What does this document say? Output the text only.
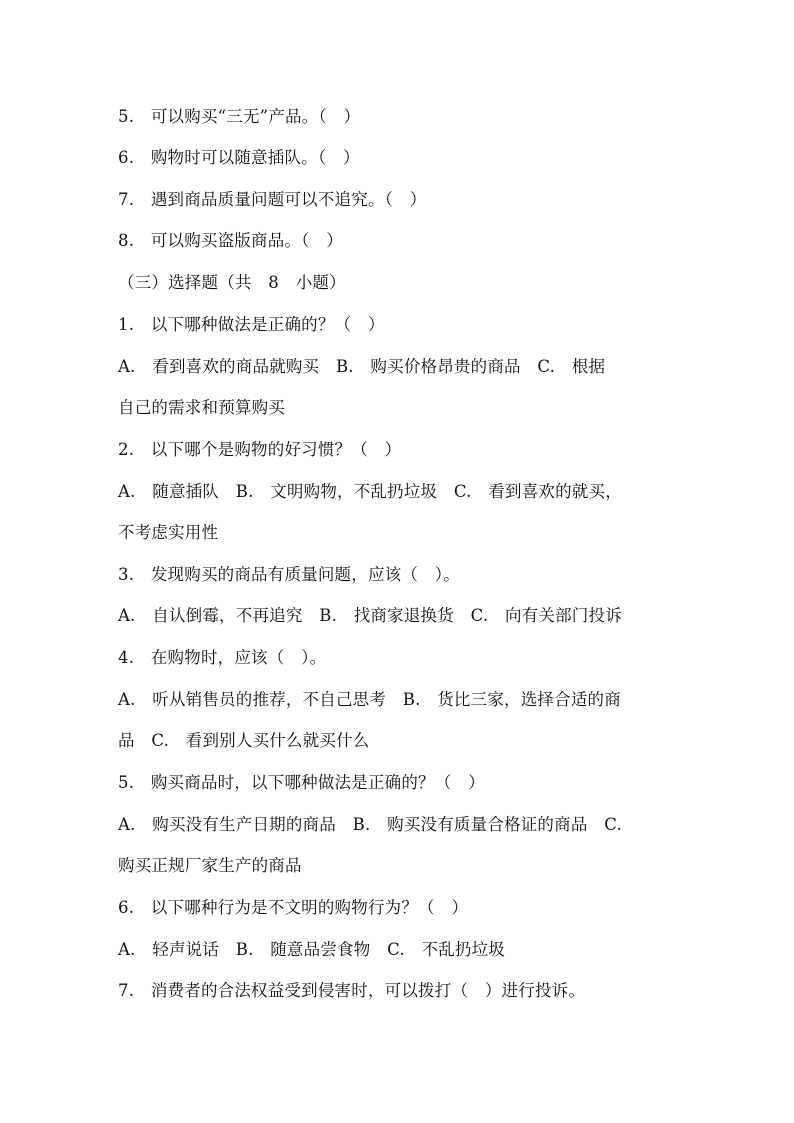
5.　可以购买“三无”产品。（　）
6.　购物时可以随意插队。（　）
7.　遇到商品质量问题可以不追究。（　）
8.　可以购买盗版商品。（　）
（三）选择题（共　8　小题）
1.　以下哪种做法是正确的？（　）
A.　看到喜欢的商品就购买　B.　购买价格昂贵的商品　C.　根据
自己的需求和预算购买
2.　以下哪个是购物的好习惯？（　）
A.　随意插队　B.　文明购物，不乱扔垃圾　C.　看到喜欢的就买，
不考虑实用性
3.　发现购买的商品有质量问题，应该（　）。
A.　自认倒霉，不再追究　B.　找商家退换货　C.　向有关部门投诉
4.　在购物时，应该（　）。
A.　听从销售员的推荐，不自己思考　B.　货比三家，选择合适的商
品　C.　看到别人买什么就买什么
5.　购买商品时，以下哪种做法是正确的？（　）
A.　购买没有生产日期的商品　B.　购买没有质量合格证的商品　C.
购买正规厂家生产的商品
6.　以下哪种行为是不文明的购物行为？（　）
A.　轻声说话　B.　随意品尝食物　C.　不乱扔垃圾
7.　消费者的合法权益受到侵害时，可以拨打（　）进行投诉。
